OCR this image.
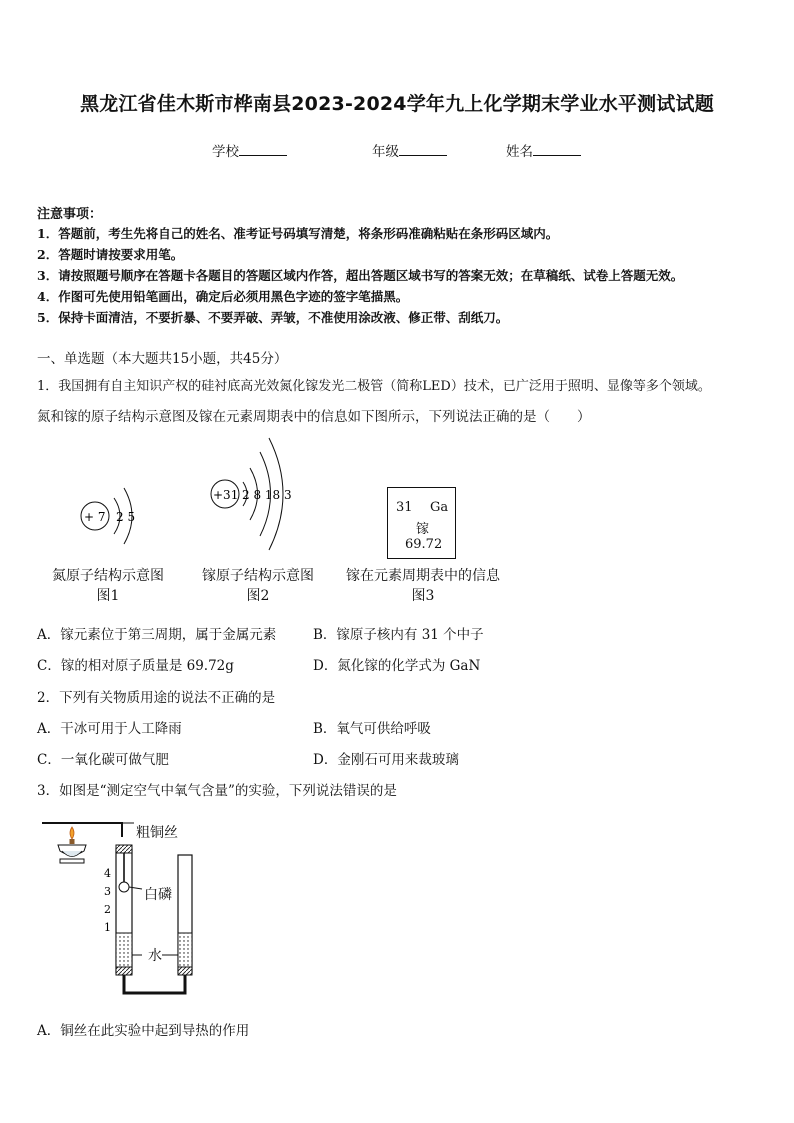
黑龙江省佳木斯市桦南县2023-2024学年九上化学期末学业水平测试试题
学校	年级	姓名
注意事项：
1．答题前，考生先将自己的姓名、准考证号码填写清楚，将条形码准确粘贴在条形码区域内。
2．答题时请按要求用笔。
3．请按照题号顺序在答题卡各题目的答题区域内作答，超出答题区域书写的答案无效；在草稿纸、试卷上答题无效。
4．作图可先使用铅笔画出，确定后必须用黑色字迹的签字笔描黑。
5．保持卡面清洁，不要折暴、不要弄破、弄皱，不准使用涂改液、修正带、刮纸刀。
一、单选题（本大题共15小题，共45分）
1．我国拥有自主知识产权的硅衬底高光效氮化镓发光二极管（简称LED）技术，已广泛用于照明、显像等多个领域。
氮和镓的原子结构示意图及镓在元素周期表中的信息如下图所示，下列说法正确的是（　　）
+ 7 2 5
氮原子结构示意图
图1
+31 2 8 18 3
镓原子结构示意图
图2
31 Ga
镓
69.72
镓在元素周期表中的信息
图3
A．镓元素位于第三周期，属于金属元素	B．镓原子核内有 31 个中子
C．镓的相对原子质量是 69.72g	D．氮化镓的化学式为 GaN
2．下列有关物质用途的说法不正确的是
A．干冰可用于人工降雨	B．氧气可供给呼吸
C．一氧化碳可做气肥	D．金刚石可用来裁玻璃
3．如图是“测定空气中氧气含量”的实验，下列说法错误的是
4
3
2
1
粗铜丝
白磷
水
A．铜丝在此实验中起到导热的作用
